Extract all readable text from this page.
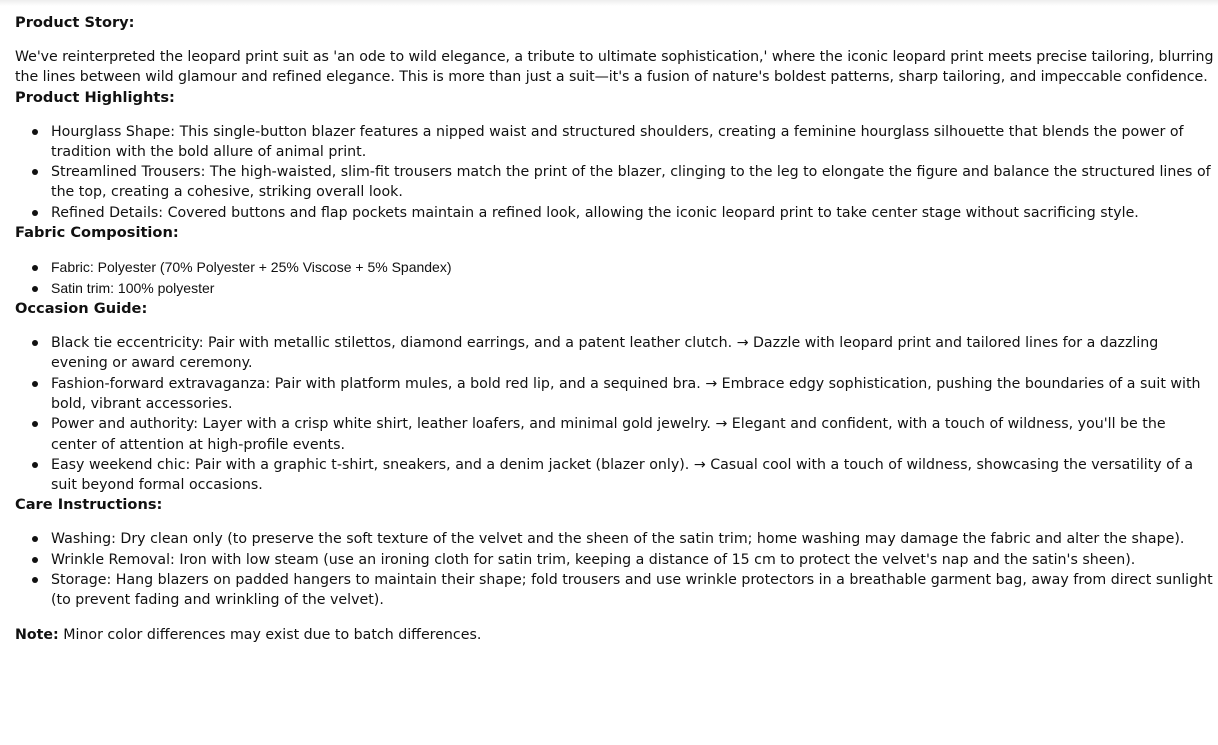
Product Story:

We've reinterpreted the leopard print suit as 'an ode to wild elegance, a tribute to ultimate sophistication,' where the iconic leopard print meets precise tailoring, blurring the lines between wild glamour and refined elegance. This is more than just a suit—it's a fusion of nature's boldest patterns, sharp tailoring, and impeccable confidence.

Product Highlights:
Hourglass Shape: This single-button blazer features a nipped waist and structured shoulders, creating a feminine hourglass silhouette that blends the power of tradition with the bold allure of animal print.
Streamlined Trousers: The high-waisted, slim-fit trousers match the print of the blazer, clinging to the leg to elongate the figure and balance the structured lines of the top, creating a cohesive, striking overall look.
Refined Details: Covered buttons and flap pockets maintain a refined look, allowing the iconic leopard print to take center stage without sacrificing style.
Fabric Composition:
Fabric: Polyester (70% Polyester + 25% Viscose + 5% Spandex)
Satin trim: 100% polyester
Occasion Guide:
Black tie eccentricity: Pair with metallic stilettos, diamond earrings, and a patent leather clutch. → Dazzle with leopard print and tailored lines for a dazzling evening or award ceremony.
Fashion-forward extravaganza: Pair with platform mules, a bold red lip, and a sequined bra. → Embrace edgy sophistication, pushing the boundaries of a suit with bold, vibrant accessories.
Power and authority: Layer with a crisp white shirt, leather loafers, and minimal gold jewelry. → Elegant and confident, with a touch of wildness, you'll be the center of attention at high-profile events.
Easy weekend chic: Pair with a graphic t-shirt, sneakers, and a denim jacket (blazer only). → Casual cool with a touch of wildness, showcasing the versatility of a suit beyond formal occasions.
Care Instructions:
Washing: Dry clean only (to preserve the soft texture of the velvet and the sheen of the satin trim; home washing may damage the fabric and alter the shape).
Wrinkle Removal: Iron with low steam (use an ironing cloth for satin trim, keeping a distance of 15 cm to protect the velvet's nap and the satin's sheen).
Storage: Hang blazers on padded hangers to maintain their shape; fold trousers and use wrinkle protectors in a breathable garment bag, away from direct sunlight (to prevent fading and wrinkling of the velvet).

Note: Minor color differences may exist due to batch differences.
